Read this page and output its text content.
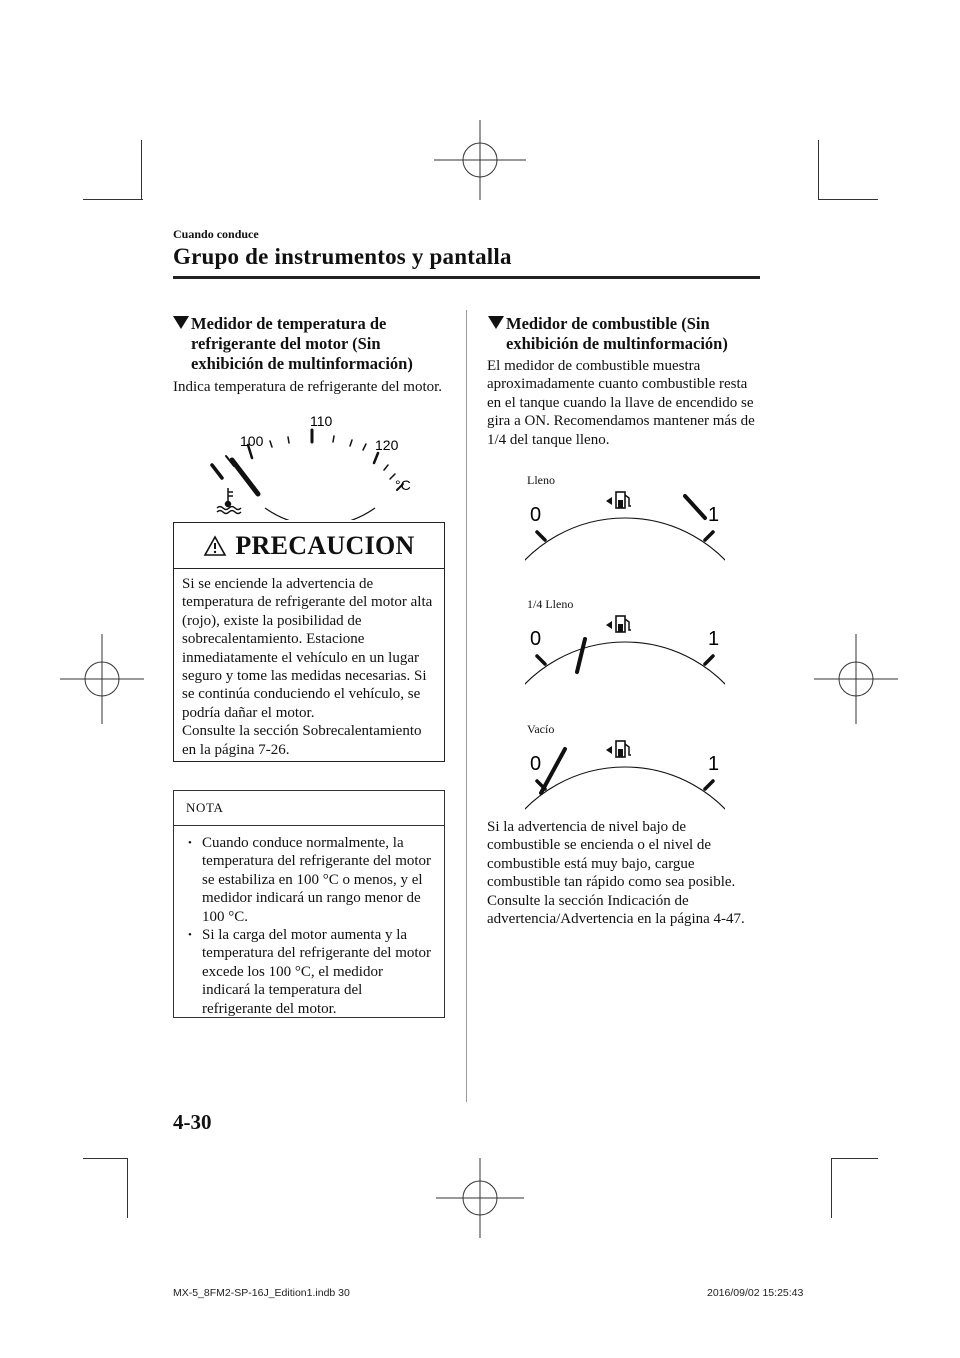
Cuando conduce
Grupo de instrumentos y pantalla
Medidor de temperatura de refrigerante del motor (Sin exhibición de multinformación)
Indica temperatura de refrigerante del motor.
100
110
120
°C
PRECAUCION
Si se enciende la advertencia de temperatura de refrigerante del motor alta (rojo), existe la posibilidad de sobrecalentamiento. Estacione inmediatamente el vehículo en un lugar seguro y tome las medidas necesarias. Si se continúa conduciendo el vehículo, se podría dañar el motor.
Consulte la sección Sobrecalentamiento en la página 7-26.
NOTA
• Cuando conduce normalmente, la temperatura del refrigerante del motor se estabiliza en 100 °C o menos, y el medidor indicará un rango menor de 100 °C.
• Si la carga del motor aumenta y la temperatura del refrigerante del motor excede los 100 °C, el medidor indicará la temperatura del refrigerante del motor.
Medidor de combustible (Sin exhibición de multinformación)
El medidor de combustible muestra aproximadamente cuanto combustible resta en el tanque cuando la llave de encendido se gira a ON. Recomendamos mantener más de 1/4 del tanque lleno.
Lleno
0	1
1/4 Lleno
0	1
Vacío
0	1
Si la advertencia de nivel bajo de combustible se encienda o el nivel de combustible está muy bajo, cargue combustible tan rápido como sea posible.
Consulte la sección Indicación de advertencia/Advertencia en la página 4-47.
4-30
MX-5_8FM2-SP-16J_Edition1.indb 30	2016/09/02 15:25:43
